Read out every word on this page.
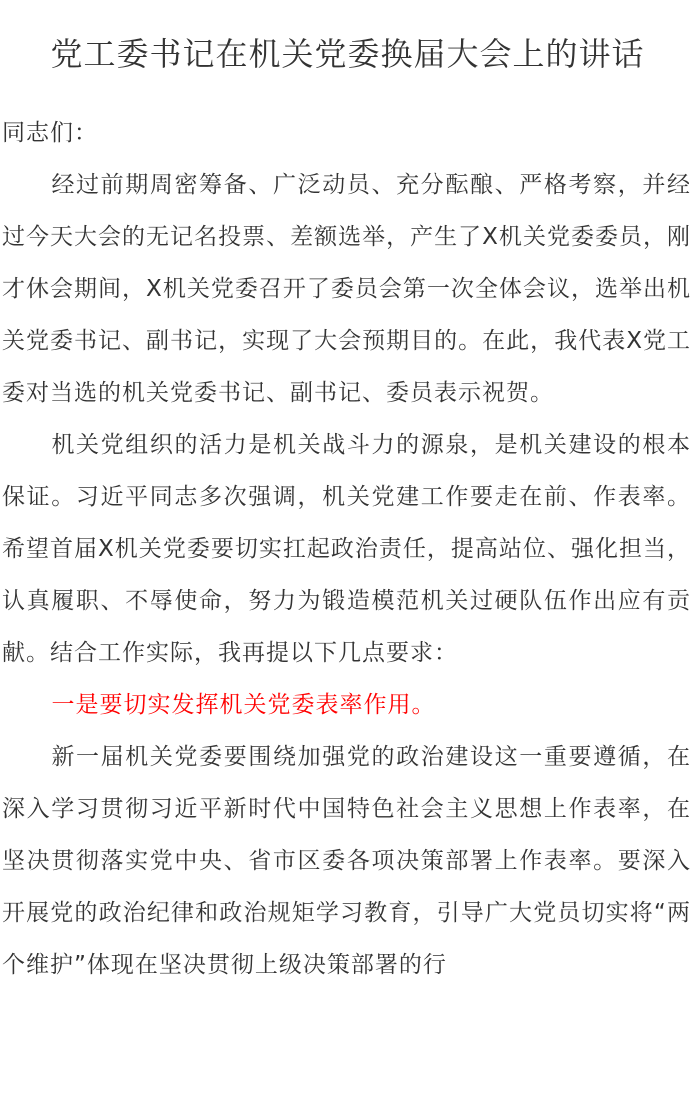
党工委书记在机关党委换届大会上的讲话

同志们：

经过前期周密筹备、广泛动员、充分酝酿、严格考察，并经过今天大会的无记名投票、差额选举，产生了X机关党委委员，刚才休会期间，X机关党委召开了委员会第一次全体会议，选举出机关党委书记、副书记，实现了大会预期目的。在此，我代表X党工委对当选的机关党委书记、副书记、委员表示祝贺。

机关党组织的活力是机关战斗力的源泉，是机关建设的根本保证。习近平同志多次强调，机关党建工作要走在前、作表率。希望首届X机关党委要切实扛起政治责任，提高站位、强化担当，认真履职、不辱使命，努力为锻造模范机关过硬队伍作出应有贡献。结合工作实际，我再提以下几点要求：

一是要切实发挥机关党委表率作用。

新一届机关党委要围绕加强党的政治建设这一重要遵循，在深入学习贯彻习近平新时代中国特色社会主义思想上作表率，在坚决贯彻落实党中央、省市区委各项决策部署上作表率。要深入开展党的政治纪律和政治规矩学习教育，引导广大党员切实将“两个维护”体现在坚决贯彻上级决策部署的行
